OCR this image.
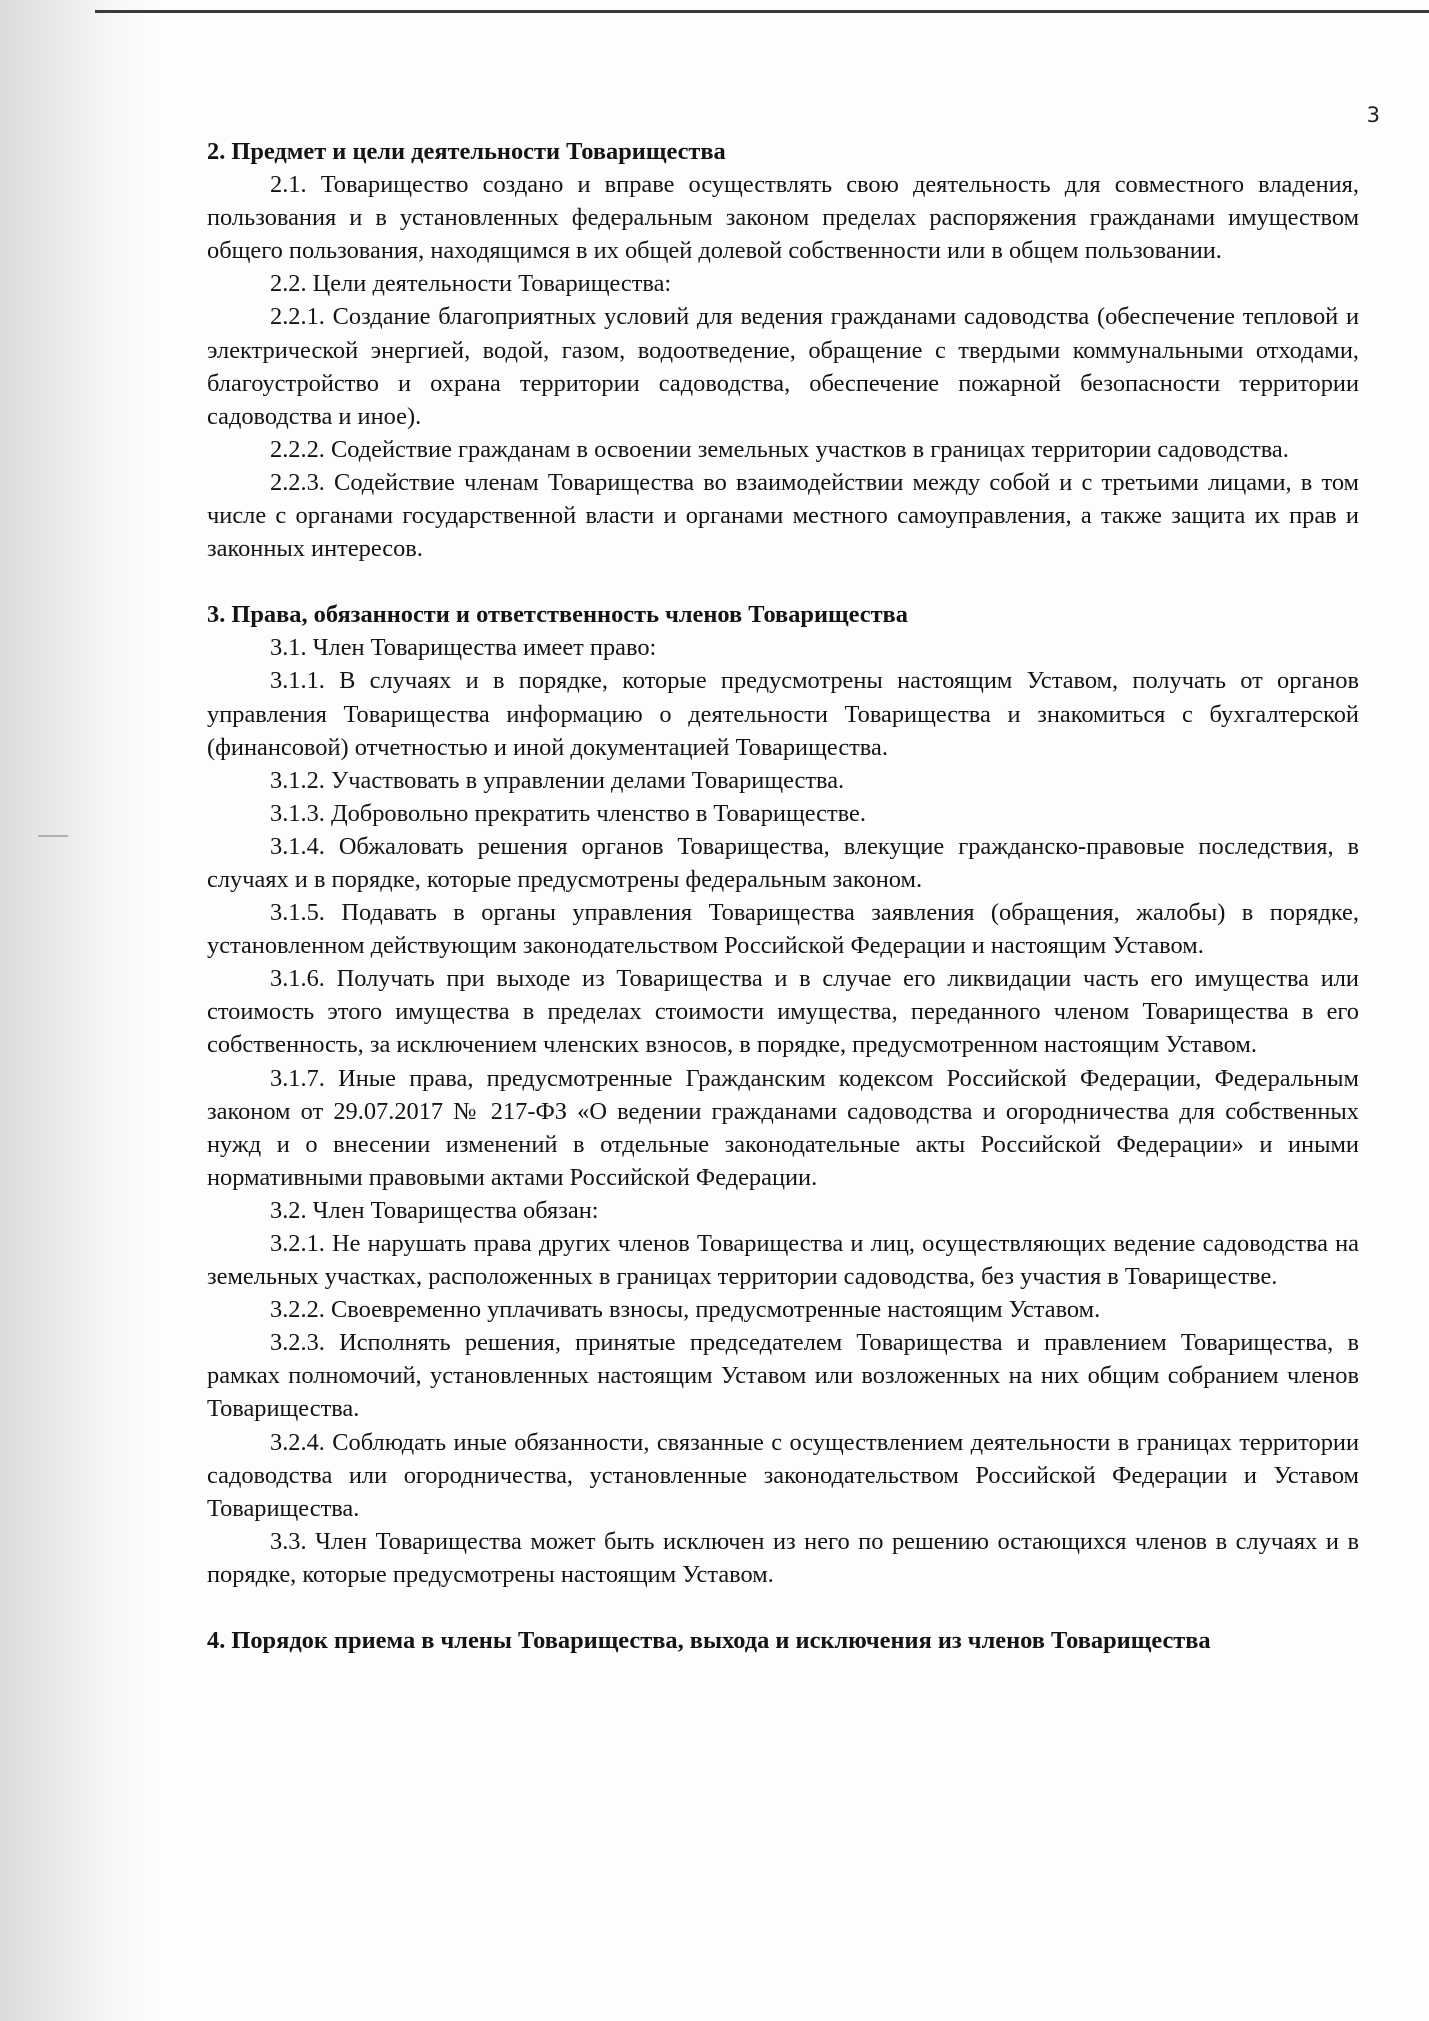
3

2. Предмет и цели деятельности Товарищества

2.1. Товарищество создано и вправе осуществлять свою деятельность для совместного владения, пользования и в установленных федеральным законом пределах распоряжения гражданами имуществом общего пользования, находящимся в их общей долевой собственности или в общем пользовании.

2.2. Цели деятельности Товарищества:

2.2.1. Создание благоприятных условий для ведения гражданами садоводства (обеспечение тепловой и электрической энергией, водой, газом, водоотведение, обращение с твердыми коммунальными отходами, благоустройство и охрана территории садоводства, обеспечение пожарной безопасности территории садоводства и иное).

2.2.2. Содействие гражданам в освоении земельных участков в границах территории садоводства.

2.2.3. Содействие членам Товарищества во взаимодействии между собой и с третьими лицами, в том числе с органами государственной власти и органами местного самоуправления, а также защита их прав и законных интересов.

3. Права, обязанности и ответственность членов Товарищества

3.1. Член Товарищества имеет право:

3.1.1. В случаях и в порядке, которые предусмотрены настоящим Уставом, получать от органов управления Товарищества информацию о деятельности Товарищества и знакомиться с бухгалтерской (финансовой) отчетностью и иной документацией Товарищества.

3.1.2. Участвовать в управлении делами Товарищества.

3.1.3. Добровольно прекратить членство в Товариществе.

3.1.4. Обжаловать решения органов Товарищества, влекущие гражданско-правовые последствия, в случаях и в порядке, которые предусмотрены федеральным законом.

3.1.5. Подавать в органы управления Товарищества заявления (обращения, жалобы) в порядке, установленном действующим законодательством Российской Федерации и настоящим Уставом.

3.1.6. Получать при выходе из Товарищества и в случае его ликвидации часть его имущества или стоимость этого имущества в пределах стоимости имущества, переданного членом Товарищества в его собственность, за исключением членских взносов, в порядке, предусмотренном настоящим Уставом.

3.1.7. Иные права, предусмотренные Гражданским кодексом Российской Федерации, Федеральным законом от 29.07.2017 № 217-ФЗ «О ведении гражданами садоводства и огородничества для собственных нужд и о внесении изменений в отдельные законодательные акты Российской Федерации» и иными нормативными правовыми актами Российской Федерации.

3.2. Член Товарищества обязан:

3.2.1. Не нарушать права других членов Товарищества и лиц, осуществляющих ведение садоводства на земельных участках, расположенных в границах территории садоводства, без участия в Товариществе.

3.2.2. Своевременно уплачивать взносы, предусмотренные настоящим Уставом.

3.2.3. Исполнять решения, принятые председателем Товарищества и правлением Товарищества, в рамках полномочий, установленных настоящим Уставом или возложенных на них общим собранием членов Товарищества.

3.2.4. Соблюдать иные обязанности, связанные с осуществлением деятельности в границах территории садоводства или огородничества, установленные законодательством Российской Федерации и Уставом Товарищества.

3.3. Член Товарищества может быть исключен из него по решению остающихся членов в случаях и в порядке, которые предусмотрены настоящим Уставом.

4. Порядок приема в члены Товарищества, выхода и исключения из членов Товарищества
